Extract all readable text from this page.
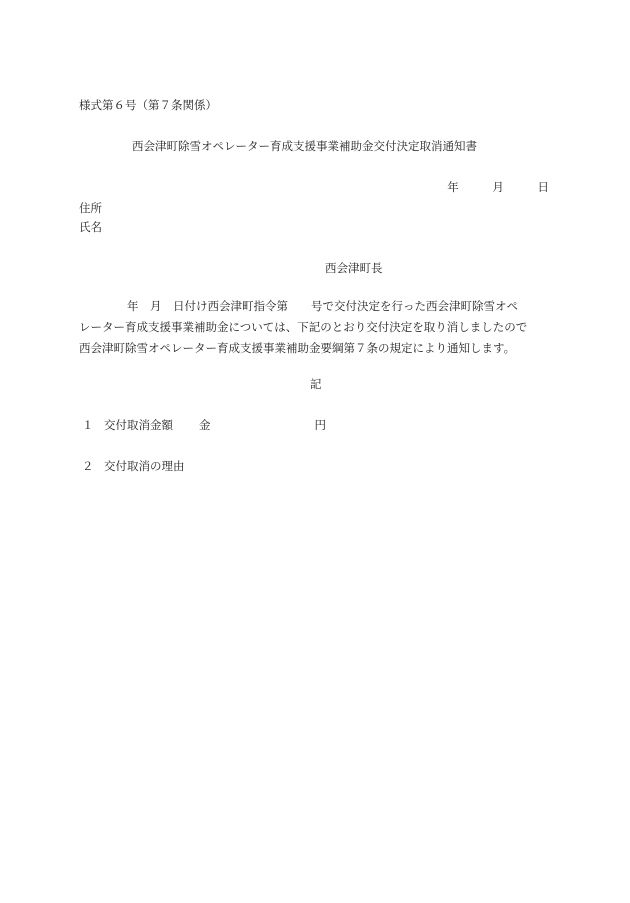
様式第６号（第７条関係）
西会津町除雪オペレーター育成支援事業補助金交付決定取消通知書
年	月	日
住所
氏名
西会津町長
年　月　日付け西会津町指令第　　号で交付決定を行った西会津町除雪オペ
レーター育成支援事業補助金については、下記のとおり交付決定を取り消しましたので
西会津町除雪オペレーター育成支援事業補助金要綱第７条の規定により通知します。
記
１ 交付取消金額 金	円
２ 交付取消の理由
